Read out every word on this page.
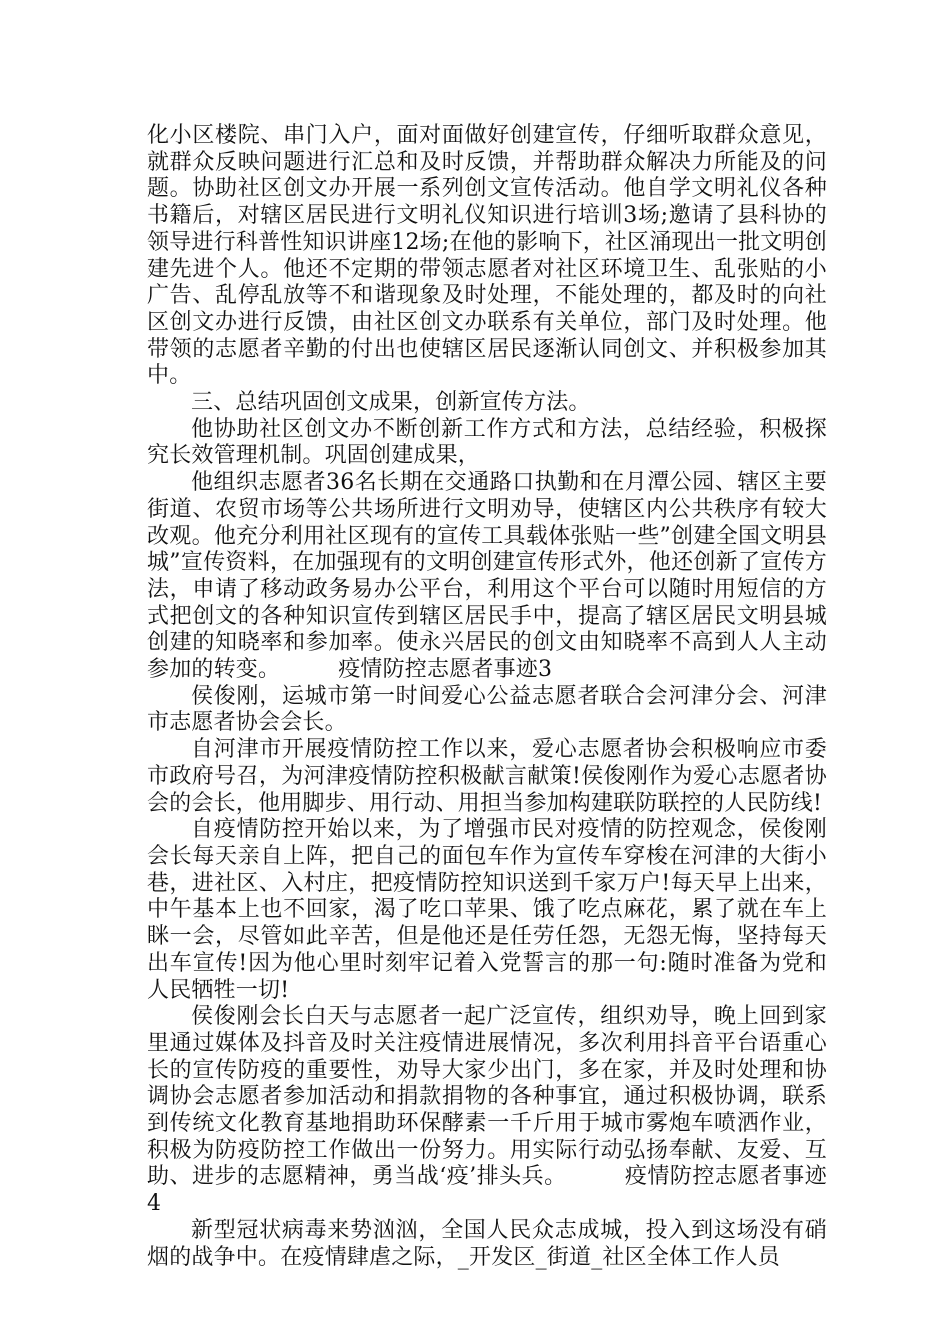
化小区楼院、串门入户，面对面做好创建宣传，仔细听取群众意见，就群众反映问题进行汇总和及时反馈，并帮助群众解决力所能及的问题。协助社区创文办开展一系列创文宣传活动。他自学文明礼仪各种书籍后，对辖区居民进行文明礼仪知识进行培训3场;邀请了县科协的领导进行科普性知识讲座12场;在他的影响下，社区涌现出一批文明创建先进个人。他还不定期的带领志愿者对社区环境卫生、乱张贴的小广告、乱停乱放等不和谐现象及时处理，不能处理的，都及时的向社区创文办进行反馈，由社区创文办联系有关单位，部门及时处理。他带领的志愿者辛勤的付出也使辖区居民逐渐认同创文、并积极参加其中。

三、总结巩固创文成果，创新宣传方法。

他协助社区创文办不断创新工作方式和方法，总结经验，积极探究长效管理机制。巩固创建成果，

他组织志愿者36名长期在交通路口执勤和在月潭公园、辖区主要街道、农贸市场等公共场所进行文明劝导，使辖区内公共秩序有较大改观。他充分利用社区现有的宣传工具载体张贴一些”创建全国文明县城”宣传资料，在加强现有的文明创建宣传形式外，他还创新了宣传方法，申请了移动政务易办公平台，利用这个平台可以随时用短信的方式把创文的各种知识宣传到辖区居民手中，提高了辖区居民文明县城创建的知晓率和参加率。使永兴居民的创文由知晓率不高到人人主动参加的转变。	疫情防控志愿者事迹3

侯俊刚，运城市第一时间爱心公益志愿者联合会河津分会、河津市志愿者协会会长。

自河津市开展疫情防控工作以来，爱心志愿者协会积极响应市委市政府号召，为河津疫情防控积极献言献策!侯俊刚作为爱心志愿者协会的会长，他用脚步、用行动、用担当参加构建联防联控的人民防线!

自疫情防控开始以来，为了增强市民对疫情的防控观念，侯俊刚会长每天亲自上阵，把自己的面包车作为宣传车穿梭在河津的大街小巷，进社区、入村庄，把疫情防控知识送到千家万户!每天早上出来，中午基本上也不回家，渴了吃口苹果、饿了吃点麻花，累了就在车上眯一会，尽管如此辛苦，但是他还是任劳任怨，无怨无悔，坚持每天出车宣传!因为他心里时刻牢记着入党誓言的那一句:随时准备为党和人民牺牲一切!

侯俊刚会长白天与志愿者一起广泛宣传，组织劝导，晚上回到家里通过媒体及抖音及时关注疫情进展情况，多次利用抖音平台语重心长的宣传防疫的重要性，劝导大家少出门，多在家，并及时处理和协调协会志愿者参加活动和捐款捐物的各种事宜，通过积极协调，联系到传统文化教育基地捐助环保酵素一千斤用于城市雾炮车喷洒作业，积极为防疫防控工作做出一份努力。用实际行动弘扬奉献、友爱、互助、进步的志愿精神，勇当战‘疫’排头兵。	疫情防控志愿者事迹4

新型冠状病毒来势汹汹，全国人民众志成城，投入到这场没有硝烟的战争中。在疫情肆虐之际，_开发区_街道_社区全体工作人员
